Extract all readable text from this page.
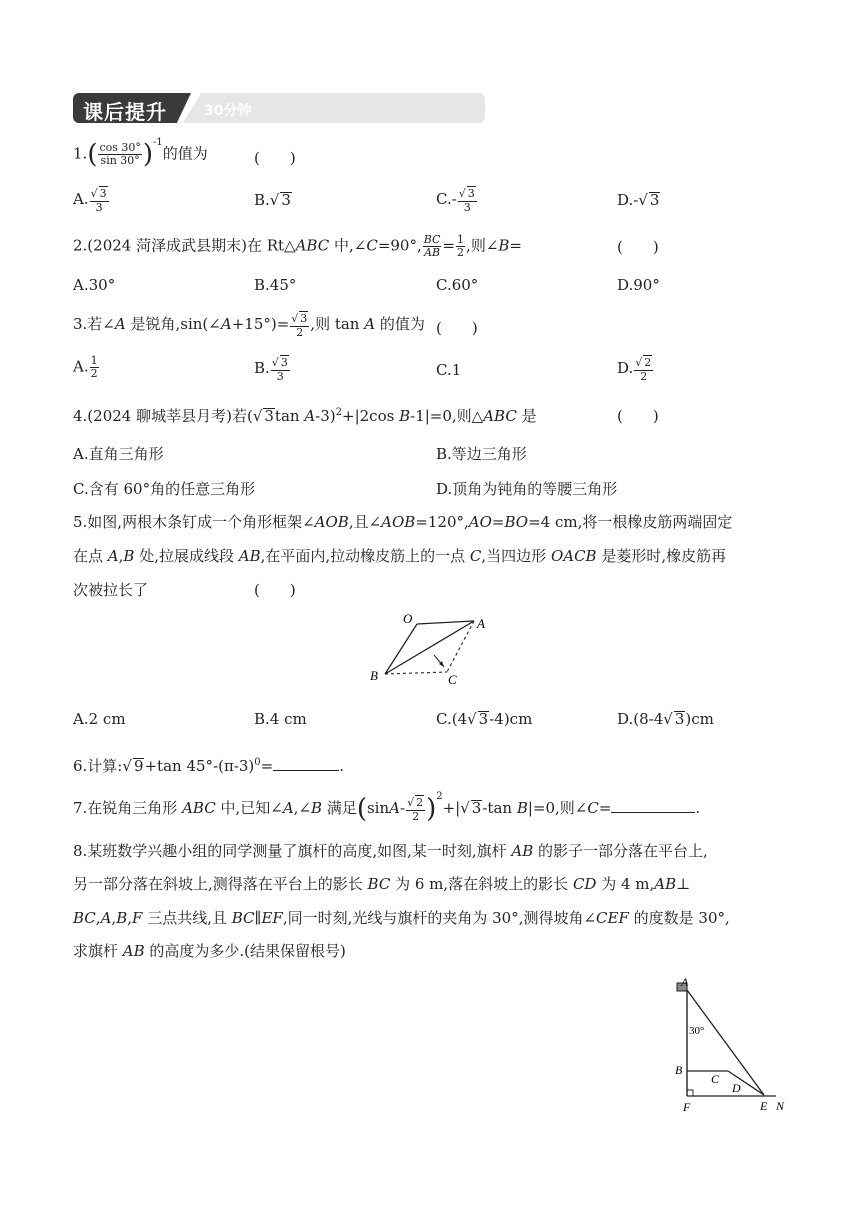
课后提升	30分钟
$1.( \frac{\cos 30^\circ}{\sin 30^\circ} )^{-1}$的值为	(　　)
A. $\frac{√ 3}{3}$	B.√ 3	$C.- \frac{√ 3}{3}$	D.-√ 3
2.(2024 菏泽成武县期末)在 Rt△ABC 中,∠C=90°, $\frac{BC}{AB} = \frac{1}{2}$ ,则∠B=	(　　)
A.30°	B.45°	C.60°	D.90°
3.若∠A 是锐角,sin(∠A+15°)= $\frac{√ 3}{2}$ ,则 tan A 的值为 (　　)
A. $\frac{1}{2}$	B. $\frac{√ 3}{3}$	C.1	D. $\frac{√ 2}{2}$
4.(2024 聊城莘县月考)若(√ 3tan A-3)$^2$+|2cos B-1|=0,则△ABC 是	(　　)
A.直角三角形	B.等边三角形
C.含有 60°角的任意三角形	D.顶角为钝角的等腰三角形
5.如图,两根木条钉成一个角形框架∠AOB,且∠AOB=120°,AO=BO=4 cm,将一根橡皮筋两端固定
在点 A,B 处,拉展成线段 AB,在平面内,拉动橡皮筋上的一点 C,当四边形 OACB 是菱形时,橡皮筋再
次被拉长了	(　　)
O	A
B	C
A.2 cm	B.4 cm	C.(4√ 3-4)cm	D.(8-4√ 3)cm
6.计算:√ 9+tan $45^\circ-(\pi-3)^0=$	.
7.在锐角三角形 ABC 中,已知∠A,∠B 满足$(\sin A- \frac{√ 2}{2} )^2+|√$ 3-tan B|=0,则∠C=	.
8.某班数学兴趣小组的同学测量了旗杆的高度,如图,某一时刻,旗杆 AB 的影子一部分落在平台上,
另一部分落在斜坡上,测得落在平台上的影长 BC 为 6 m,落在斜坡上的影长 CD 为 4 m,AB⊥
BC,A,B,F 三点共线,且 BC∥EF,同一时刻,光线与旗杆的夹角为 30°,测得坡角∠CEF 的度数是 30°,
求旗杆 AB 的高度为多少.(结果保留根号)
30°
A
B
C
D
F	E N
